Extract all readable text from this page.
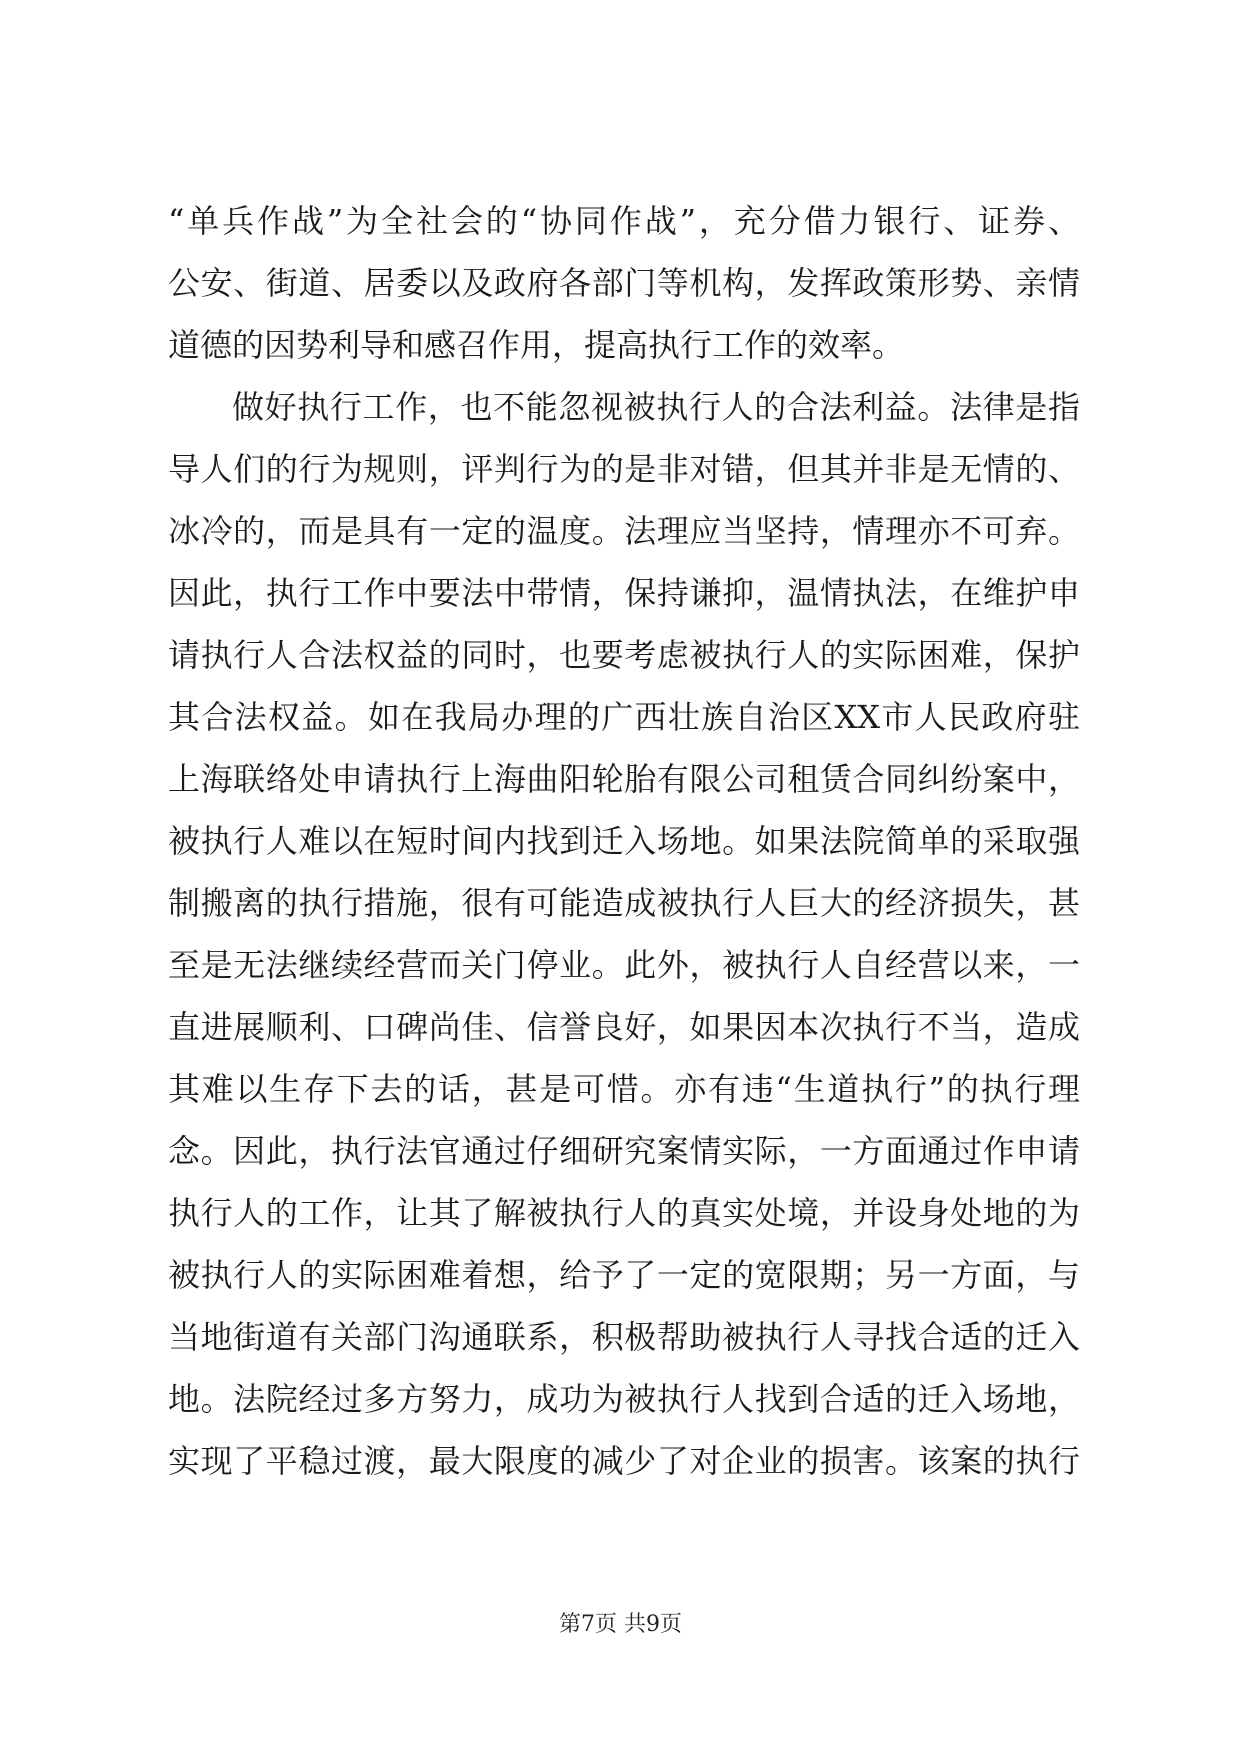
“单兵作战”为全社会的“协同作战”，充分借力银行、证券、
公安、街道、居委以及政府各部门等机构，发挥政策形势、亲情
道德的因势利导和感召作用，提高执行工作的效率。
做好执行工作，也不能忽视被执行人的合法利益。法律是指
导人们的行为规则，评判行为的是非对错，但其并非是无情的、
冰冷的，而是具有一定的温度。法理应当坚持，情理亦不可弃。
因此，执行工作中要法中带情，保持谦抑，温情执法，在维护申
请执行人合法权益的同时，也要考虑被执行人的实际困难，保护
其合法权益。如在我局办理的广西壮族自治区XX市人民政府驻
上海联络处申请执行上海曲阳轮胎有限公司租赁合同纠纷案中，
被执行人难以在短时间内找到迁入场地。如果法院简单的采取强
制搬离的执行措施，很有可能造成被执行人巨大的经济损失，甚
至是无法继续经营而关门停业。此外，被执行人自经营以来，一
直进展顺利、口碑尚佳、信誉良好，如果因本次执行不当，造成
其难以生存下去的话，甚是可惜。亦有违“生道执行”的执行理
念。因此，执行法官通过仔细研究案情实际，一方面通过作申请
执行人的工作，让其了解被执行人的真实处境，并设身处地的为
被执行人的实际困难着想，给予了一定的宽限期；另一方面，与
当地街道有关部门沟通联系，积极帮助被执行人寻找合适的迁入
地。法院经过多方努力，成功为被执行人找到合适的迁入场地，
实现了平稳过渡，最大限度的减少了对企业的损害。该案的执行
第7页 共9页
